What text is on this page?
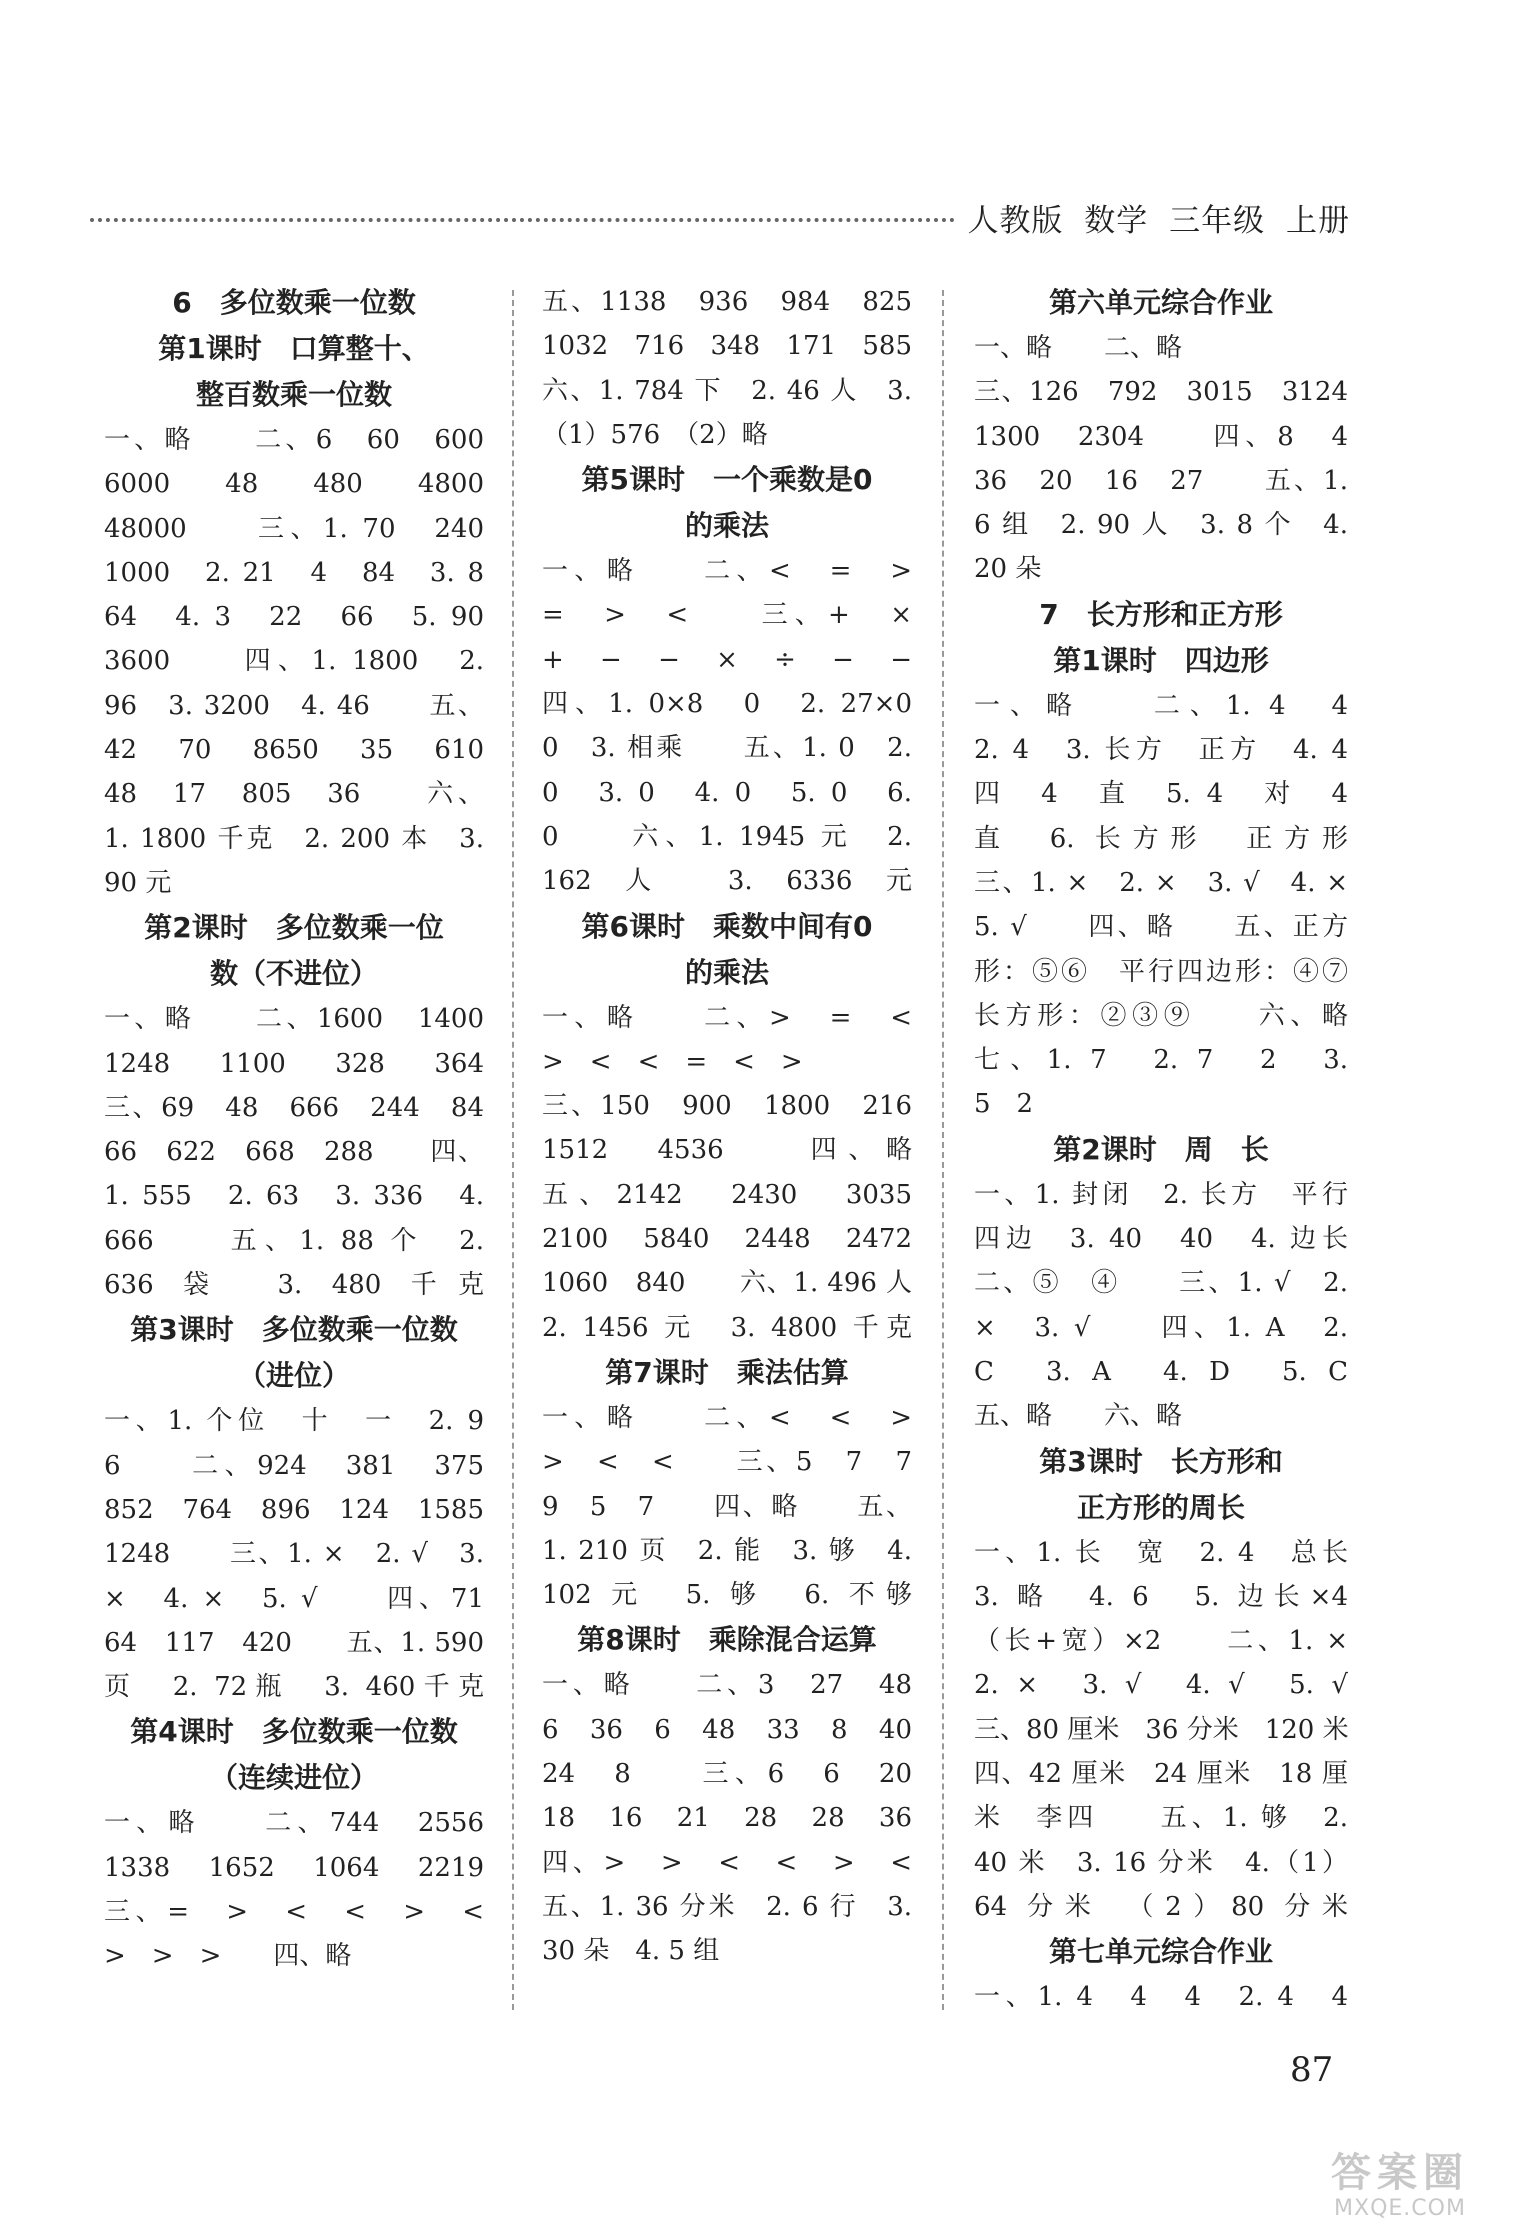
人教版 数学 三年级 上册
6　多位数乘一位数
第1课时　口算整十、
整百数乘一位数
一、略　　二、6　60　600
6000　48　480　4800
48000　　三、1. 70　240
1000　2. 21　4　84　3. 8
64　4. 3　22　66　5. 90
3600　　四、1. 1800　2.
96　3. 3200　4. 46　　五、
42　70　8650　35　610
48　17　805　36　　六、
1. 1800 千克　2. 200 本　3.
90 元
第2课时　多位数乘一位
数（不进位）
一、略　　二、1600　1400
1248　1100　328　364
三、69　48　666　244　84
66　622　668　288　　四、
1. 555　2. 63　3. 336　4.
666　　五、1. 88 个　2.
636 袋　3. 480 千克
第3课时　多位数乘一位数
（进位）
一、1. 个位　十　一　2. 9
6　　二、924　381　375
852　764　896　124　1585
1248　　三、1. ×　2. √　3.
×　4. ×　5. √　　四、71
64　117　420　　五、1. 590
页　2. 72瓶　3. 460千克
第4课时　多位数乘一位数
（连续进位）
一、略　　二、744　2556
1338　1652　1064　2219
三、=　>　<　<　>　<
>　>　>　　四、略
五、1138　936　984　825
1032　716　348　171　585
六、1. 784 下　2. 46 人　3.
（1）576　（2）略
第5课时　一个乘数是0
的乘法
一、略　　二、<　=　>
=　>　<　　三、+　×
+　−　−　×　÷　−　−
四、1. 0×8　0　2. 27×0
0　3. 相乘　　五、1. 0　2.
0　3. 0　4. 0　5. 0　6.
0　　六、1. 1945 元　2.
162 人　3. 6336 元
第6课时　乘数中间有0
的乘法
一、略　　二、>　=　<
>　<　<　=　<　>
三、150　900　1800　216
1512　4536　　四、略
五、2142　2430　3035
2100　5840　2448　2472
1060　840　　六、1. 496 人
2. 1456 元　3. 4800 千克
第7课时　乘法估算
一、略　　二、<　<　>
>　<　<　　三、5　7　7
9　5　7　　四、略　　五、
1. 210 页　2. 能　3. 够　4.
102 元　5. 够　6. 不够
第8课时　乘除混合运算
一、略　　二、3　27　48
6　36　6　48　33　8　40
24　8　　三、6　6　20
18　16　21　28　28　36
四、>　>　<　<　>　<
五、1. 36 分米　2. 6 行　3.
30 朵　4. 5 组
第六单元综合作业
一、略　　二、略
三、126　792　3015　3124
1300　2304　　四、8　4
36　20　16　27　　五、1.
6 组　2. 90 人　3. 8 个　4.
20 朵
7　长方形和正方形
第1课时　四边形
一、略　　二、1. 4　4
2. 4　3. 长方　正方　4. 4
四　4　直　5. 4　对　4
直　6. 长方形　正方形
三、1. ×　2. ×　3. √　4. ×
5. √　　四、略　　五、正方
形：⑤⑥　平行四边形：④⑦
长方形：②③⑨　　六、略
七、1. 7　2. 7　2　3.
5　2
第2课时　周　长
一、1. 封闭　2. 长方　平行
四边　3. 40　40　4. 边长
二、⑤　④　　三、1. √　2.
×　3. √　　四、1. A　2.
C　3. A　4. D　5. C
五、略　　六、略
第3课时　长方形和
正方形的周长
一、1. 长　宽　2. 4　总长
3. 略　4. 6　5. 边长×4
（长+宽）×2　　二、1. ×
2. ×　3. √　4. √　5. √
三、80 厘米　36 分米　120 米
四、42 厘米　24 厘米　18 厘
米　李四　　五、1. 够　2.
40 米　3. 16 分米　4.（1）
64 分米　（2）80 分米
第七单元综合作业
一、1. 4　4　4　2. 4　4
87
答案圈
MXQE.COM
